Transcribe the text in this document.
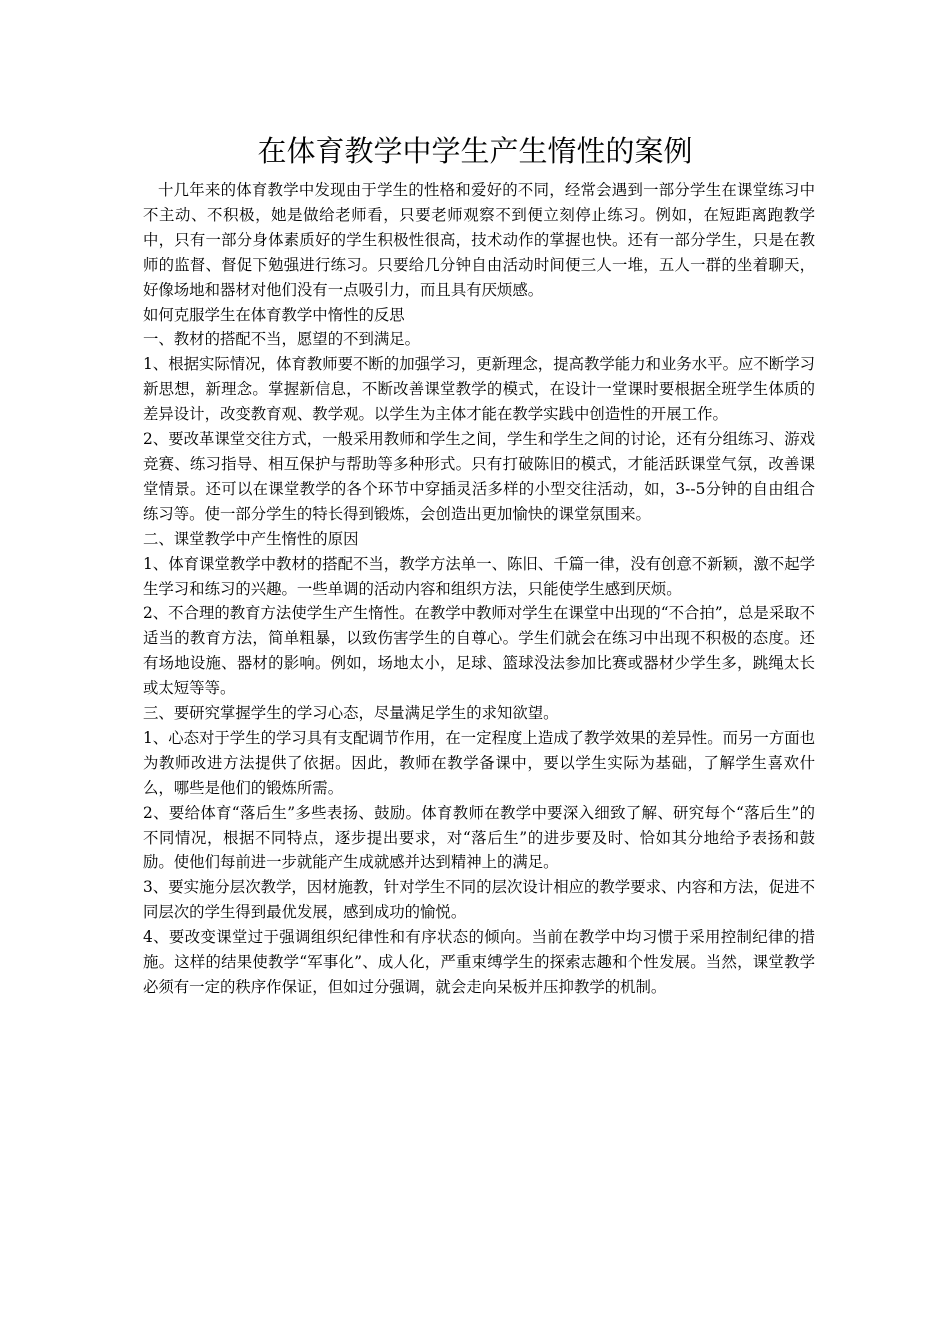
在体育教学中学生产生惰性的案例

十几年来的体育教学中发现由于学生的性格和爱好的不同，经常会遇到一部分学生在课堂练习中不主动、不积极，她是做给老师看，只要老师观察不到便立刻停止练习。例如，在短距离跑教学中，只有一部分身体素质好的学生积极性很高，技术动作的掌握也快。还有一部分学生，只是在教师的监督、督促下勉强进行练习。只要给几分钟自由活动时间便三人一堆，五人一群的坐着聊天，好像场地和器材对他们没有一点吸引力，而且具有厌烦感。

如何克服学生在体育教学中惰性的反思

一、教材的搭配不当，愿望的不到满足。

1、根据实际情况，体育教师要不断的加强学习，更新理念，提高教学能力和业务水平。应不断学习新思想，新理念。掌握新信息，不断改善课堂教学的模式，在设计一堂课时要根据全班学生体质的差异设计，改变教育观、教学观。以学生为主体才能在教学实践中创造性的开展工作。

2、要改革课堂交往方式，一般采用教师和学生之间，学生和学生之间的讨论，还有分组练习、游戏竞赛、练习指导、相互保护与帮助等多种形式。只有打破陈旧的模式，才能活跃课堂气氛，改善课堂情景。还可以在课堂教学的各个环节中穿插灵活多样的小型交往活动，如，3--5分钟的自由组合练习等。使一部分学生的特长得到锻炼，会创造出更加愉快的课堂氛围来。

二、课堂教学中产生惰性的原因

1、体育课堂教学中教材的搭配不当，教学方法单一、陈旧、千篇一律，没有创意不新颖，激不起学生学习和练习的兴趣。一些单调的活动内容和组织方法，只能使学生感到厌烦。

2、不合理的教育方法使学生产生惰性。在教学中教师对学生在课堂中出现的“不合拍”，总是采取不适当的教育方法，简单粗暴，以致伤害学生的自尊心。学生们就会在练习中出现不积极的态度。还有场地设施、器材的影响。例如，场地太小，足球、篮球没法参加比赛或器材少学生多，跳绳太长或太短等等。

三、要研究掌握学生的学习心态，尽量满足学生的求知欲望。

1、心态对于学生的学习具有支配调节作用，在一定程度上造成了教学效果的差异性。而另一方面也为教师改进方法提供了依据。因此，教师在教学备课中，要以学生实际为基础，了解学生喜欢什么，哪些是他们的锻炼所需。

2、要给体育“落后生”多些表扬、鼓励。体育教师在教学中要深入细致了解、研究每个“落后生”的不同情况，根据不同特点，逐步提出要求，对“落后生”的进步要及时、恰如其分地给予表扬和鼓励。使他们每前进一步就能产生成就感并达到精神上的满足。

3、要实施分层次教学，因材施教，针对学生不同的层次设计相应的教学要求、内容和方法，促进不同层次的学生得到最优发展，感到成功的愉悦。

4、要改变课堂过于强调组织纪律性和有序状态的倾向。当前在教学中均习惯于采用控制纪律的措施。这样的结果使教学“军事化”、成人化，严重束缚学生的探索志趣和个性发展。当然，课堂教学必须有一定的秩序作保证，但如过分强调，就会走向呆板并压抑教学的机制。
